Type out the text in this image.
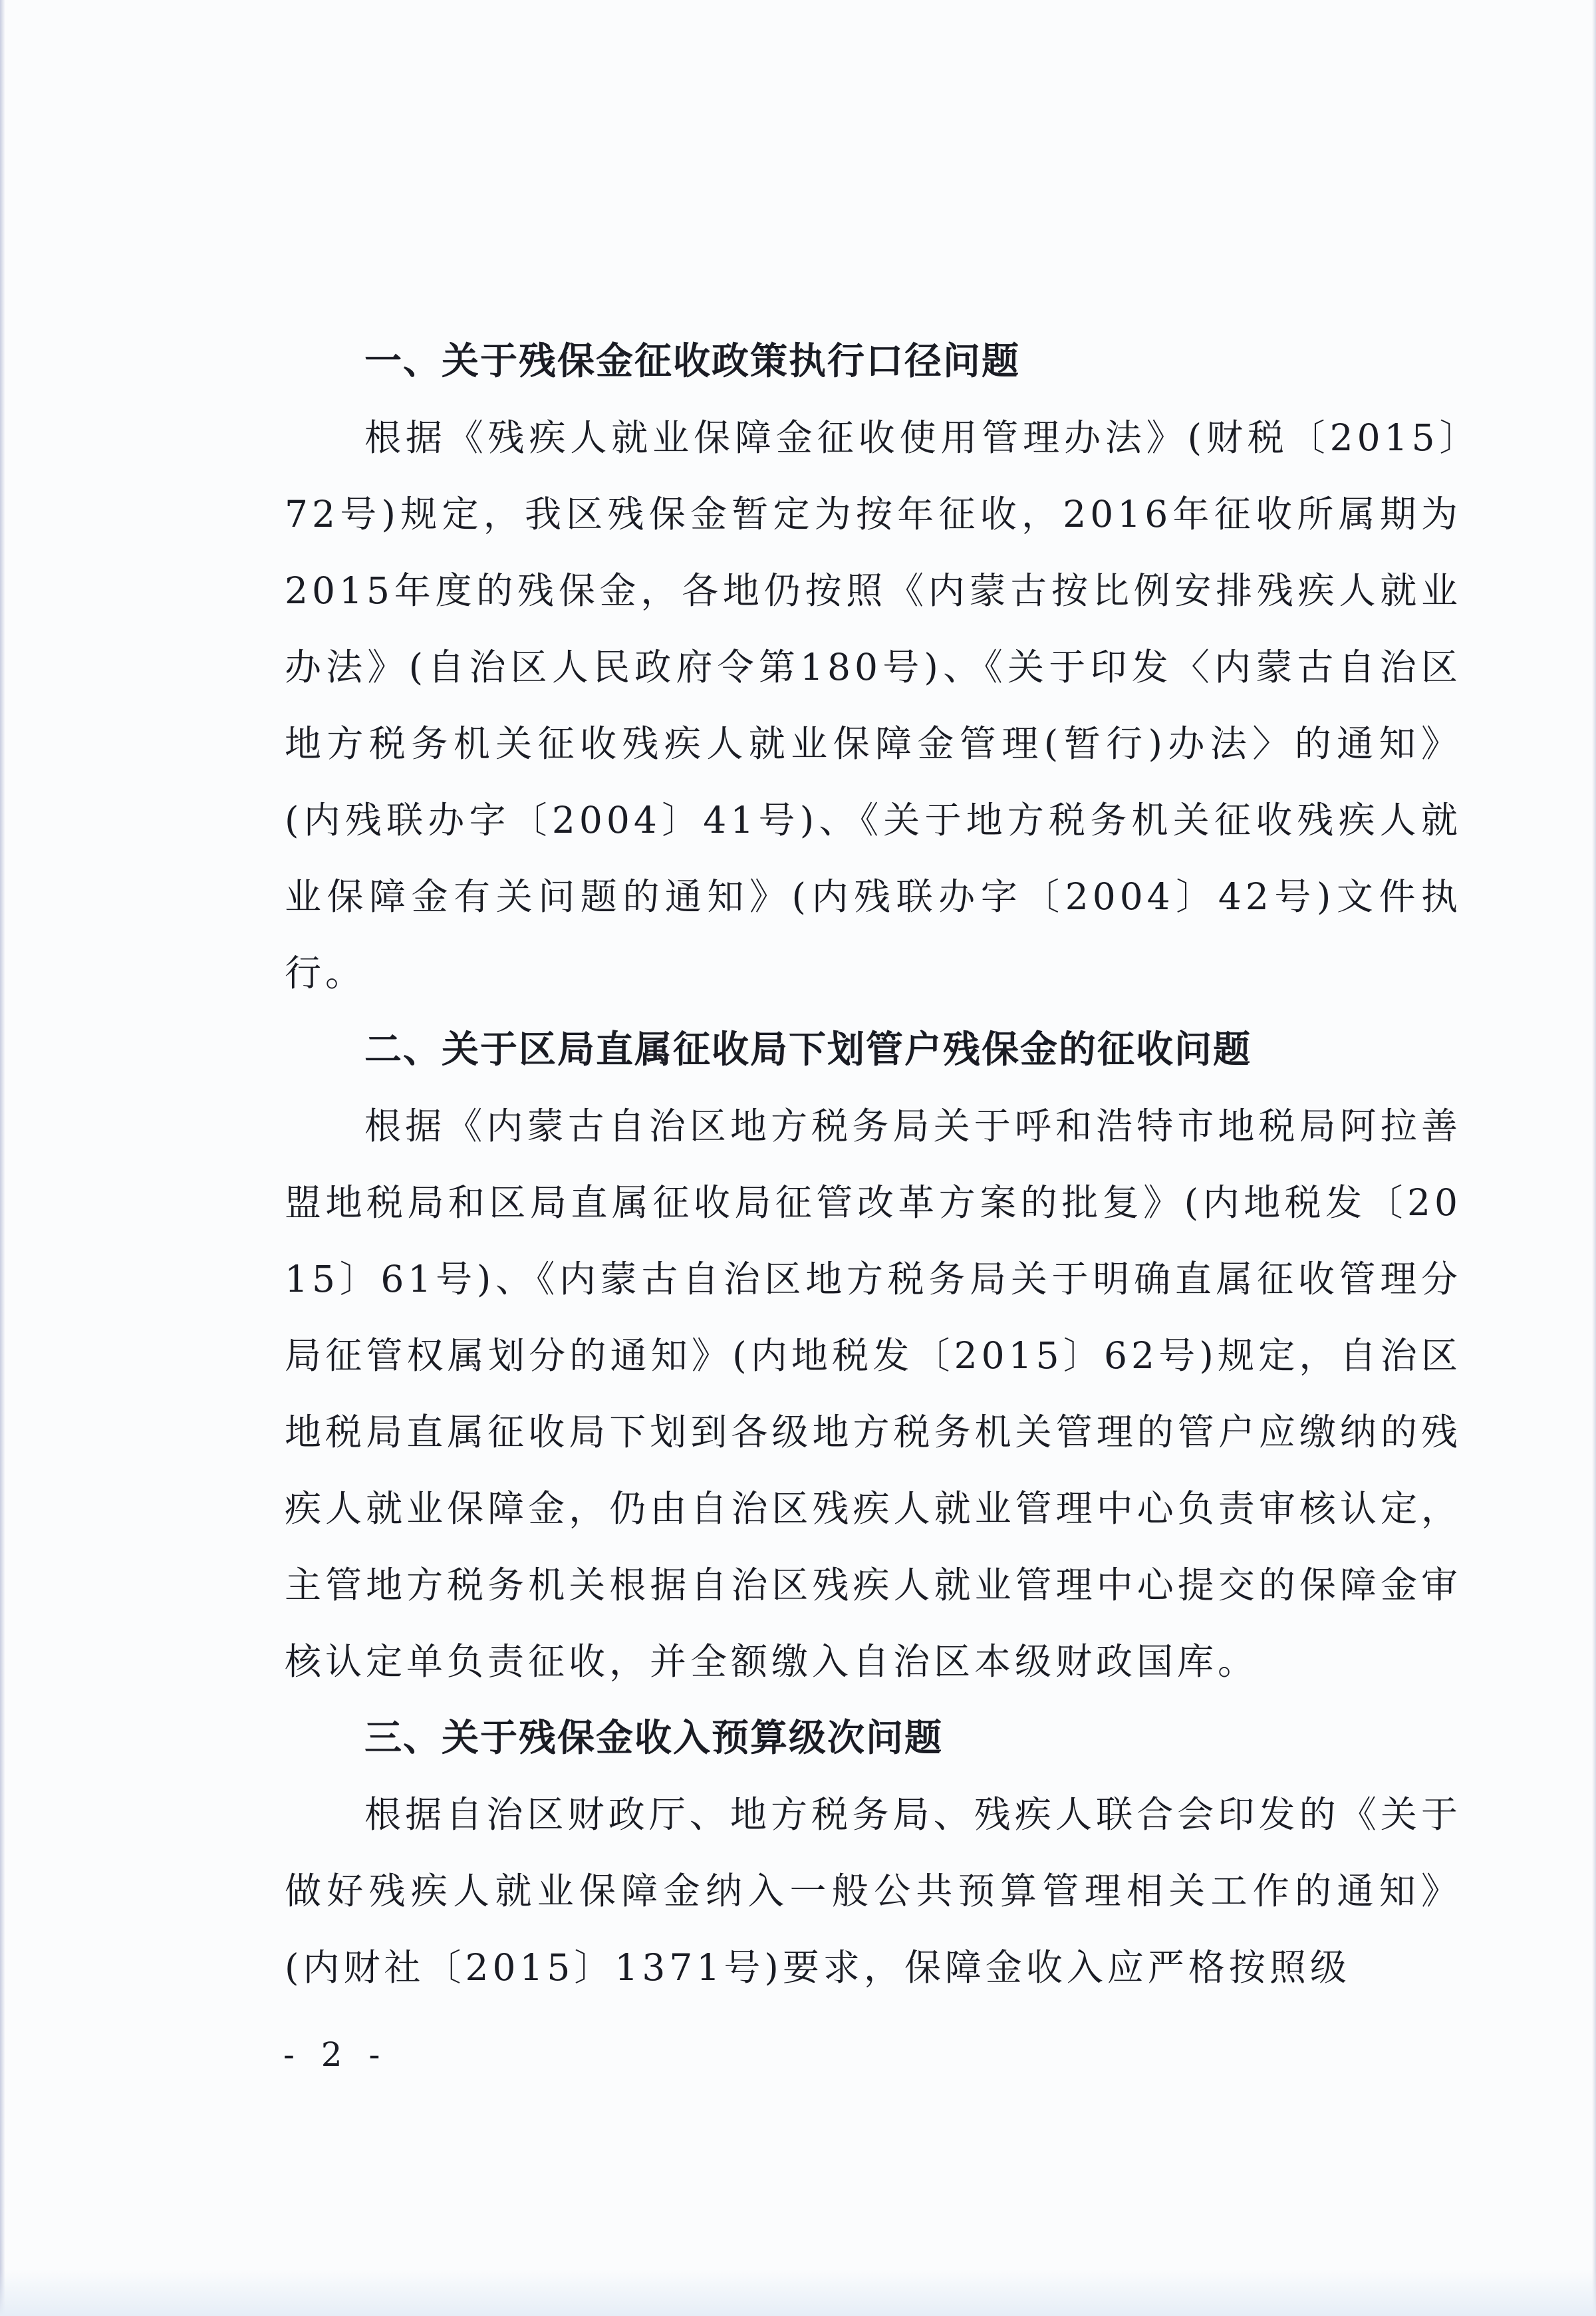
一、关于残保金征收政策执行口径问题

根据《残疾人就业保障金征收使用管理办法》(财税〔2015〕72号)规定，我区残保金暂定为按年征收，2016年征收所属期为2015年度的残保金，各地仍按照《内蒙古按比例安排残疾人就业办法》(自治区人民政府令第180号)、《关于印发〈内蒙古自治区地方税务机关征收残疾人就业保障金管理(暂行)办法〉的通知》(内残联办字〔2004〕41号)、《关于地方税务机关征收残疾人就业保障金有关问题的通知》(内残联办字〔2004〕42号)文件执行。

二、关于区局直属征收局下划管户残保金的征收问题

根据《内蒙古自治区地方税务局关于呼和浩特市地税局阿拉善盟地税局和区局直属征收局征管改革方案的批复》(内地税发〔2015〕61号)、《内蒙古自治区地方税务局关于明确直属征收管理分局征管权属划分的通知》(内地税发〔2015〕62号)规定，自治区地税局直属征收局下划到各级地方税务机关管理的管户应缴纳的残疾人就业保障金，仍由自治区残疾人就业管理中心负责审核认定，主管地方税务机关根据自治区残疾人就业管理中心提交的保障金审核认定单负责征收，并全额缴入自治区本级财政国库。

三、关于残保金收入预算级次问题

根据自治区财政厅、地方税务局、残疾人联合会印发的《关于做好残疾人就业保障金纳入一般公共预算管理相关工作的通知》(内财社〔2015〕1371号)要求，保障金收入应严格按照级

- 2 -
